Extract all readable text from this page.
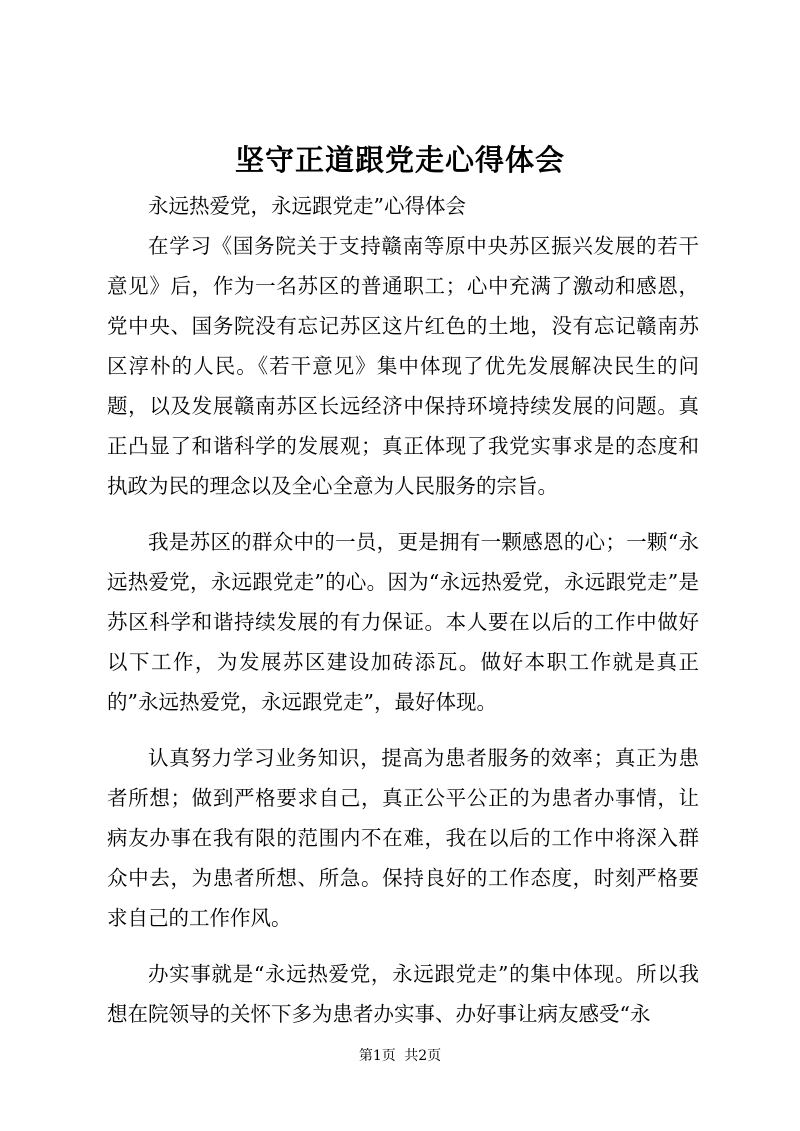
坚守正道跟党走心得体会

永远热爱党，永远跟党走”心得体会

在学习《国务院关于支持赣南等原中央苏区振兴发展的若干意见》后，作为一名苏区的普通职工；心中充满了激动和感恩，党中央、国务院没有忘记苏区这片红色的土地，没有忘记赣南苏区淳朴的人民。《若干意见》集中体现了优先发展解决民生的问题，以及发展赣南苏区长远经济中保持环境持续发展的问题。真正凸显了和谐科学的发展观；真正体现了我党实事求是的态度和执政为民的理念以及全心全意为人民服务的宗旨。

我是苏区的群众中的一员，更是拥有一颗感恩的心；一颗“永远热爱党，永远跟党走”的心。因为“永远热爱党，永远跟党走”是苏区科学和谐持续发展的有力保证。本人要在以后的工作中做好以下工作，为发展苏区建设加砖添瓦。做好本职工作就是真正的”永远热爱党，永远跟党走”，最好体现。

认真努力学习业务知识，提高为患者服务的效率；真正为患者所想；做到严格要求自己，真正公平公正的为患者办事情，让病友办事在我有限的范围内不在难，我在以后的工作中将深入群众中去，为患者所想、所急。保持良好的工作态度，时刻严格要求自己的工作作风。

办实事就是“永远热爱党，永远跟党走”的集中体现。所以我想在院领导的关怀下多为患者办实事、办好事让病友感受“永

第1页 共2页
